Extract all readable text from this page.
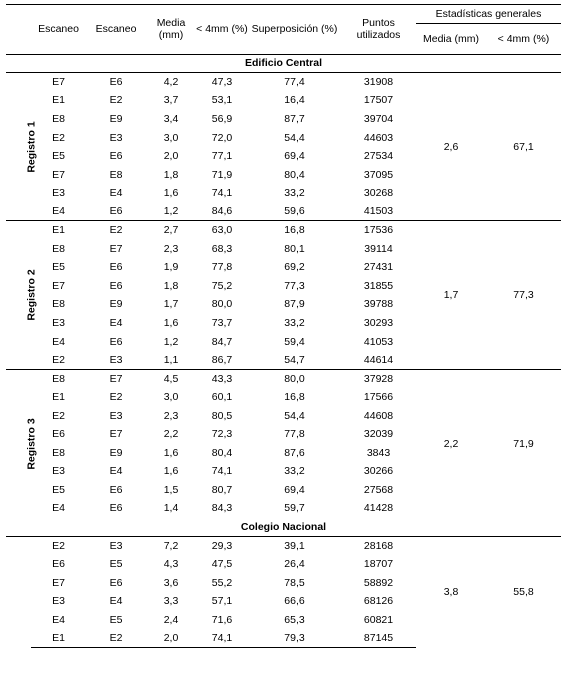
	Escaneo	Escaneo	Media (mm)	< 4mm (%)	Superposición (%)	Puntos utilizados	Estadísticas generales	
							Media (mm)	< 4mm (%)
Edificio Central								
Registro 1	E7	E6	4,2	47,3	77,4	31908	2,6	67,1
	E1	E2	3,7	53,1	16,4	17507		
	E8	E9	3,4	56,9	87,7	39704		
	E2	E3	3,0	72,0	54,4	44603		
	E5	E6	2,0	77,1	69,4	27534		
	E7	E8	1,8	71,9	80,4	37095		
	E3	E4	1,6	74,1	33,2	30268		
	E4	E6	1,2	84,6	59,6	41503		
Registro 2	E1	E2	2,7	63,0	16,8	17536	1,7	77,3
	E8	E7	2,3	68,3	80,1	39114		
	E5	E6	1,9	77,8	69,2	27431		
	E7	E6	1,8	75,2	77,3	31855		
	E8	E9	1,7	80,0	87,9	39788		
	E3	E4	1,6	73,7	33,2	30293		
	E4	E6	1,2	84,7	59,4	41053		
	E2	E3	1,1	86,7	54,7	44614		
Registro 3	E8	E7	4,5	43,3	80,0	37928	2,2	71,9
	E1	E2	3,0	60,1	16,8	17566		
	E2	E3	2,3	80,5	54,4	44608		
	E6	E7	2,2	72,3	77,8	32039		
	E8	E9	1,6	80,4	87,6	3843		
	E3	E4	1,6	74,1	33,2	30266		
	E5	E6	1,5	80,7	69,4	27568		
	E4	E6	1,4	84,3	59,7	41428		
Colegio Nacional								
	E2	E3	7,2	29,3	39,1	28168	3,8	55,8
	E6	E5	4,3	47,5	26,4	18707		
	E7	E6	3,6	55,2	78,5	58892		
	E3	E4	3,3	57,1	66,6	68126		
	E4	E5	2,4	71,6	65,3	60821		
	E1	E2	2,0	74,1	79,3	87145		
